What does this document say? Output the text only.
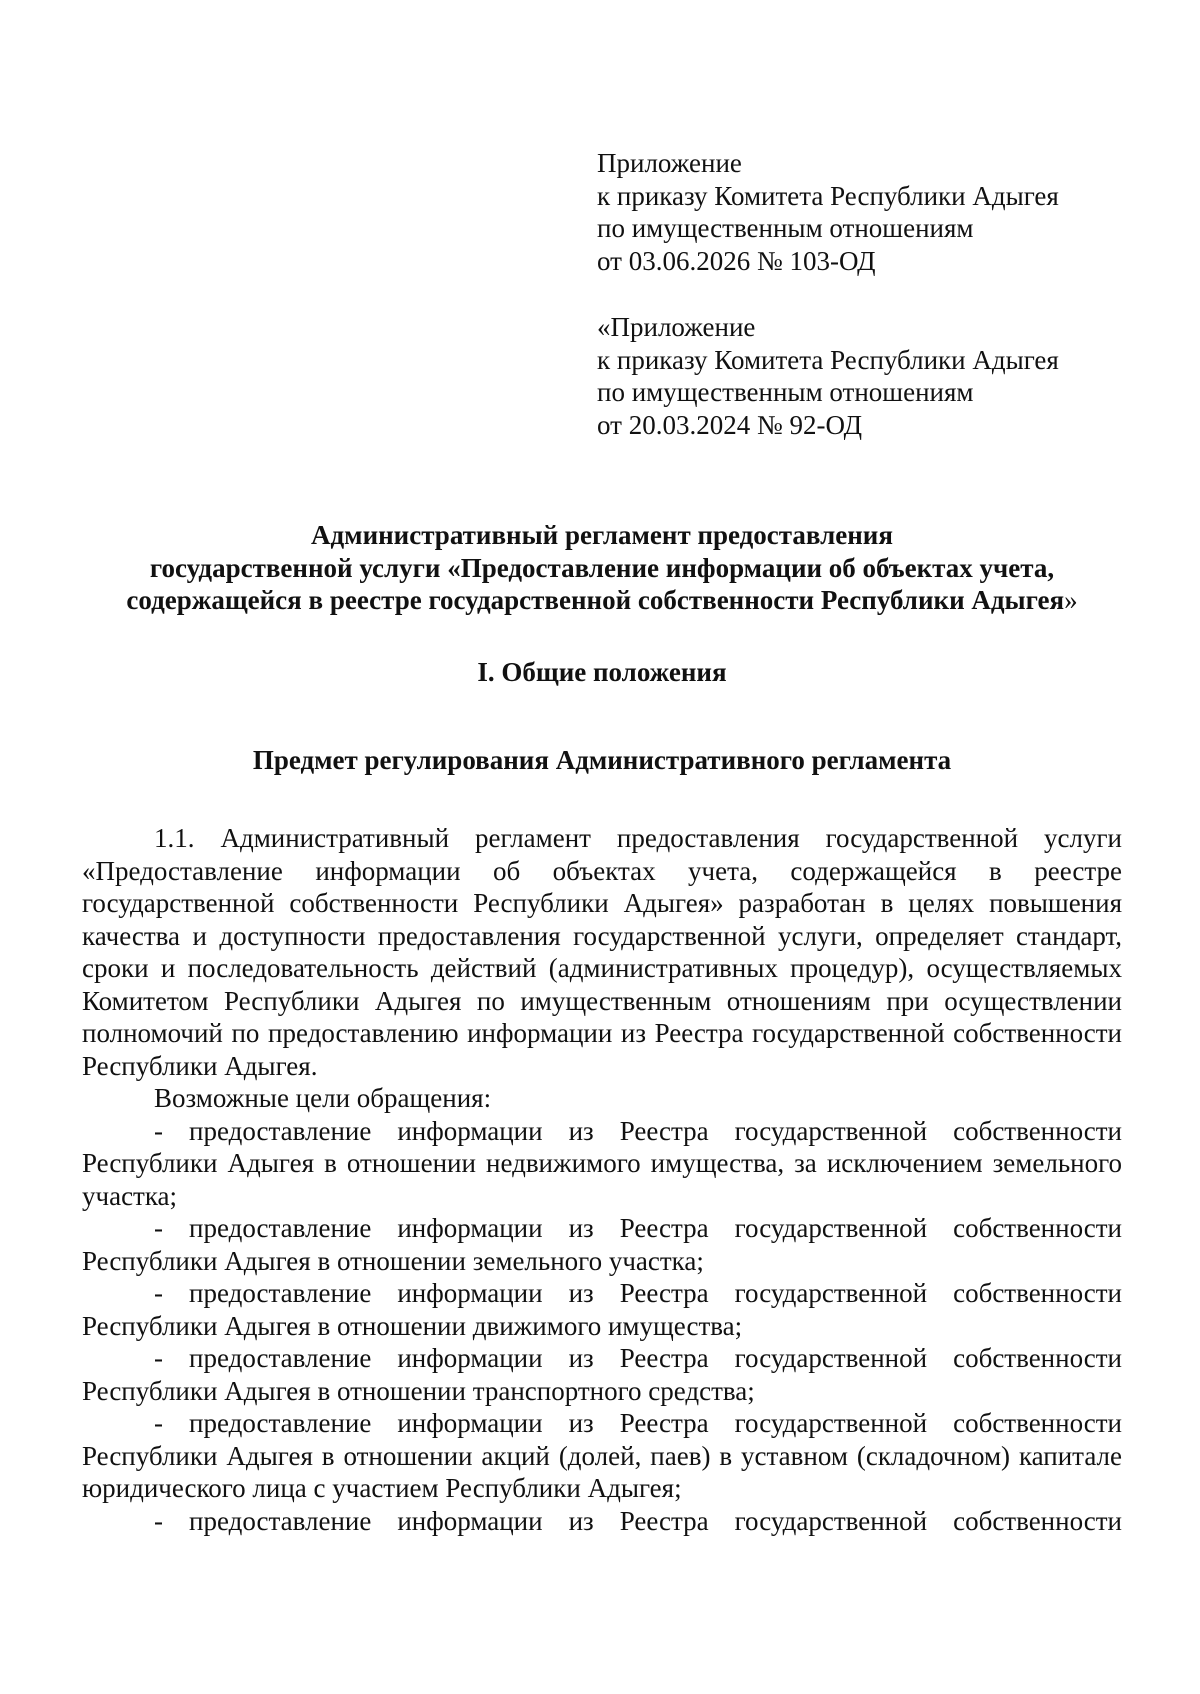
Приложение
к приказу Комитета Республики Адыгея
по имущественным отношениям
от 03.06.2026 № 103-ОД
«Приложение
к приказу Комитета Республики Адыгея
по имущественным отношениям
от 20.03.2024 № 92-ОД
Административный регламент предоставления
государственной услуги «Предоставление информации об объектах учета,
содержащейся в реестре государственной собственности Республики Адыгея»
I. Общие положения
Предмет регулирования Административного регламента

1.1. Административный регламент предоставления государственной услуги «Предоставление информации об объектах учета, содержащейся в реестре государственной собственности Республики Адыгея» разработан в целях повышения качества и доступности предоставления государственной услуги, определяет стандарт, сроки и последовательность действий (административных процедур), осуществляемых Комитетом Республики Адыгея по имущественным отношениям при осуществлении полномочий по предоставлению информации из Реестра государственной собственности Республики Адыгея.

Возможные цели обращения:

- предоставление информации из Реестра государственной собственности Республики Адыгея в отношении недвижимого имущества, за исключением земельного участка;

- предоставление информации из Реестра государственной собственности Республики Адыгея в отношении земельного участка;

- предоставление информации из Реестра государственной собственности Республики Адыгея в отношении движимого имущества;

- предоставление информации из Реестра государственной собственности Республики Адыгея в отношении транспортного средства;

- предоставление информации из Реестра государственной собственности Республики Адыгея в отношении акций (долей, паев) в уставном (складочном) капитале юридического лица с участием Республики Адыгея;

- предоставление информации из Реестра государственной собственности
